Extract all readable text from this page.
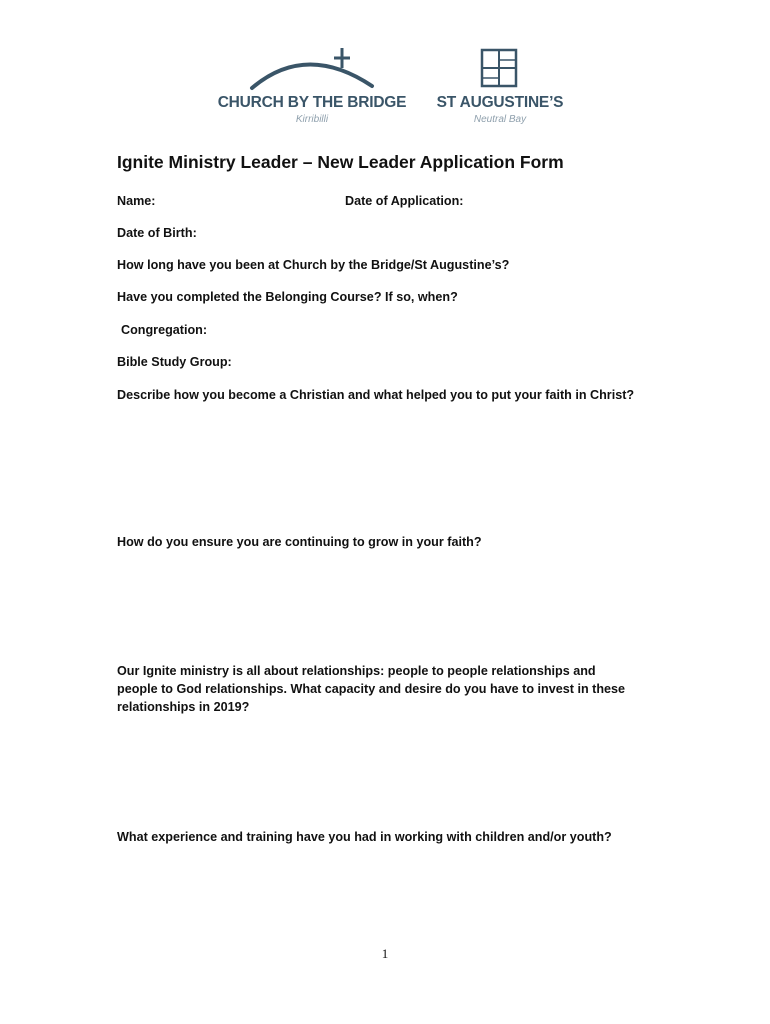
CHURCH BY THE BRIDGE
Kirribilli
ST AUGUSTINE’S
Neutral Bay
Ignite Ministry Leader – New Leader Application Form
Name:	Date of Application:
Date of Birth:
How long have you been at Church by the Bridge/St Augustine’s?
Have you completed the Belonging Course? If so, when?
Congregation:
Bible Study Group:
Describe how you become a Christian and what helped you to put your faith in Christ?
How do you ensure you are continuing to grow in your faith?
Our Ignite ministry is all about relationships: people to people relationships and people to God relationships. What capacity and desire do you have to invest in these relationships in 2019?
What experience and training have you had in working with children and/or youth?
1
